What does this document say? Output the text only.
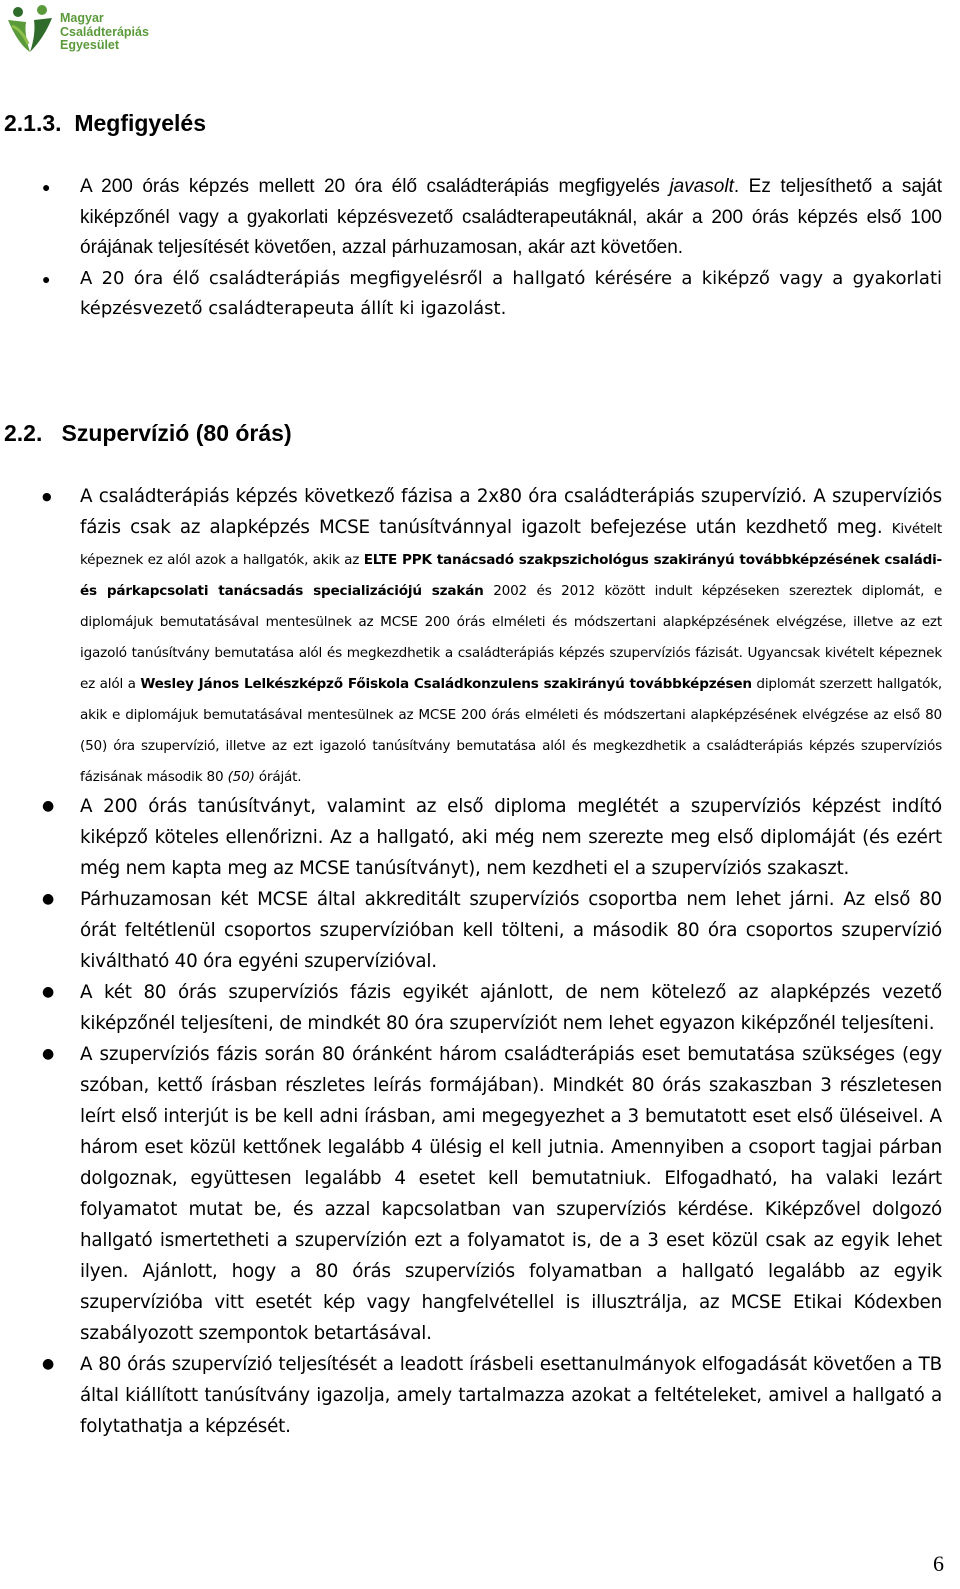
Magyar
Családterápiás
Egyesület
2.1.3. Megfigyelés
● A 200 órás képzés mellett 20 óra élő családterápiás megfigyelés javasolt. Ez teljesíthető a saját kiképzőnél vagy a gyakorlati képzésvezető családterapeutáknál, akár a 200 órás képzés első 100 órájának teljesítését követően, azzal párhuzamosan, akár azt követően.
● A 20 óra élő családterápiás megfigyelésről a hallgató kérésére a kiképző vagy a gyakorlati képzésvezető családterapeuta állít ki igazolást.
2.2. Szupervízió (80 órás)
● A családterápiás képzés következő fázisa a 2x80 óra családterápiás szupervízió. A szupervíziós fázis csak az alapképzés MCSE tanúsítvánnyal igazolt befejezése után kezdhető meg. Kivételt képeznek ez alól azok a hallgatók, akik az ELTE PPK tanácsadó szakpszichológus szakirányú továbbképzésének családi- és párkapcsolati tanácsadás specializációjú szakán 2002 és 2012 között indult képzéseken szereztek diplomát, e diplomájuk bemutatásával mentesülnek az MCSE 200 órás elméleti és módszertani alapképzésének elvégzése, illetve az ezt igazoló tanúsítvány bemutatása alól és megkezdhetik a családterápiás képzés szupervíziós fázisát. Ugyancsak kivételt képeznek ez alól a Wesley János Lelkészképző Főiskola Családkonzulens szakirányú továbbképzésen diplomát szerzett hallgatók, akik e diplomájuk bemutatásával mentesülnek az MCSE 200 órás elméleti és módszertani alapképzésének elvégzése az első 80 (50) óra szupervízió, illetve az ezt igazoló tanúsítvány bemutatása alól és megkezdhetik a családterápiás képzés szupervíziós fázisának második 80 (50) óráját.
● A 200 órás tanúsítványt, valamint az első diploma meglétét a szupervíziós képzést indító kiképző köteles ellenőrizni. Az a hallgató, aki még nem szerezte meg első diplomáját (és ezért még nem kapta meg az MCSE tanúsítványt), nem kezdheti el a szupervíziós szakaszt.
● Párhuzamosan két MCSE által akkreditált szupervíziós csoportba nem lehet járni. Az első 80 órát feltétlenül csoportos szupervízióban kell tölteni, a második 80 óra csoportos szupervízió kiváltható 40 óra egyéni szupervízióval.
● A két 80 órás szupervíziós fázis egyikét ajánlott, de nem kötelező az alapképzés vezető kiképzőnél teljesíteni, de mindkét 80 óra szupervíziót nem lehet egyazon kiképzőnél teljesíteni.
● A szupervíziós fázis során 80 óránként három családterápiás eset bemutatása szükséges (egy szóban, kettő írásban részletes leírás formájában). Mindkét 80 órás szakaszban 3 részletesen leírt első interjút is be kell adni írásban, ami megegyezhet a 3 bemutatott eset első üléseivel. A három eset közül kettőnek legalább 4 ülésig el kell jutnia. Amennyiben a csoport tagjai párban dolgoznak, együttesen legalább 4 esetet kell bemutatniuk. Elfogadható, ha valaki lezárt folyamatot mutat be, és azzal kapcsolatban van szupervíziós kérdése. Kiképzővel dolgozó hallgató ismertetheti a szupervízión ezt a folyamatot is, de a 3 eset közül csak az egyik lehet ilyen. Ajánlott, hogy a 80 órás szupervíziós folyamatban a hallgató legalább az egyik szupervízióba vitt esetét kép vagy hangfelvétellel is illusztrálja, az MCSE Etikai Kódexben szabályozott szempontok betartásával.
● A 80 órás szupervízió teljesítését a leadott írásbeli esettanulmányok elfogadását követően a TB által kiállított tanúsítvány igazolja, amely tartalmazza azokat a feltételeket, amivel a hallgató a folytathatja a képzését.
6
